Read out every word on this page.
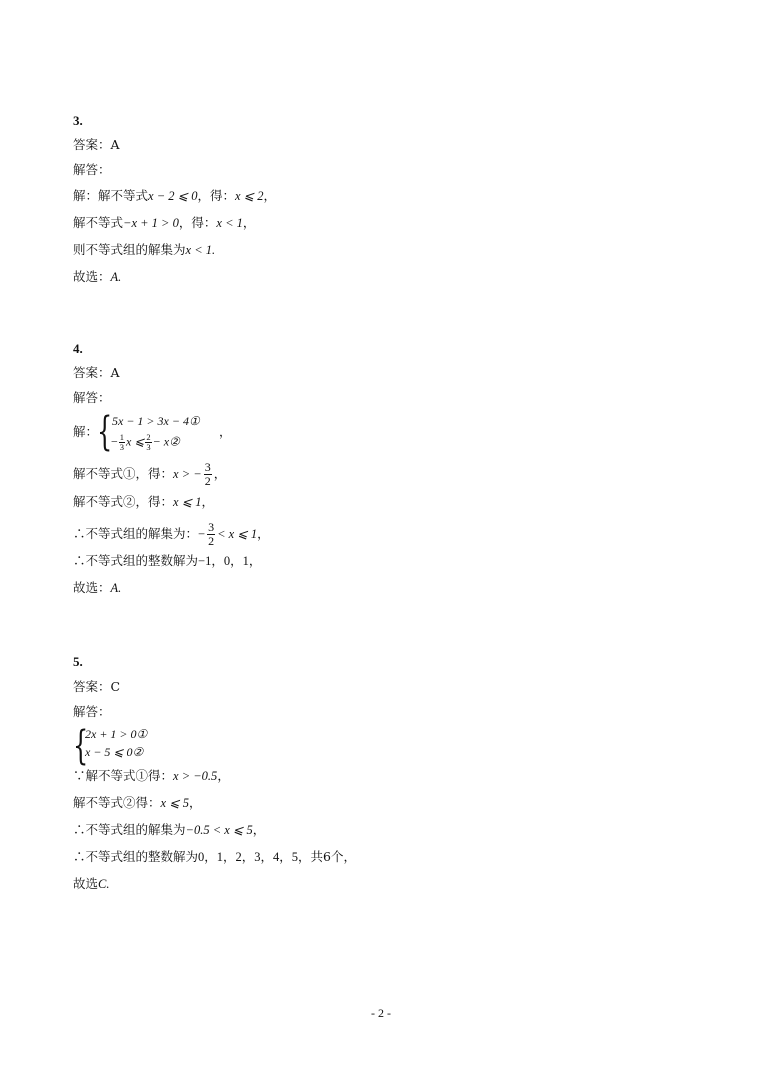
3.
答案：A
解答：
解：解不等式x − 2 ⩽ 0，得：x ⩽ 2，
解不等式−x + 1 > 0，得：x < 1，
则不等式组的解集为x < 1.
故选：A.
4.
答案：A
解答：
解：
{ 5x − 1 > 3x − 4①
− $\frac{1}{3}$ x ⩽ $\frac{2}{3}$ − x②
，
解不等式①，得：x > − $\frac{3}{2}$ ，
解不等式②，得：x ⩽ 1，
∴不等式组的解集为：− $\frac{3}{2} < x$ ⩽ 1，
∴不等式组的整数解为−1，0，1，
故选：A.
5.
答案：C
解答：
{
2x + 1 > 0①
x − 5 ⩽ 0②
∵解不等式①得：x > −0.5，
解不等式②得：x ⩽ 5，
∴不等式组的解集为−0.5 < x ⩽ 5，
∴不等式组的整数解为0，1，2，3，4，5，共6个，
故选C.
- 2 -
